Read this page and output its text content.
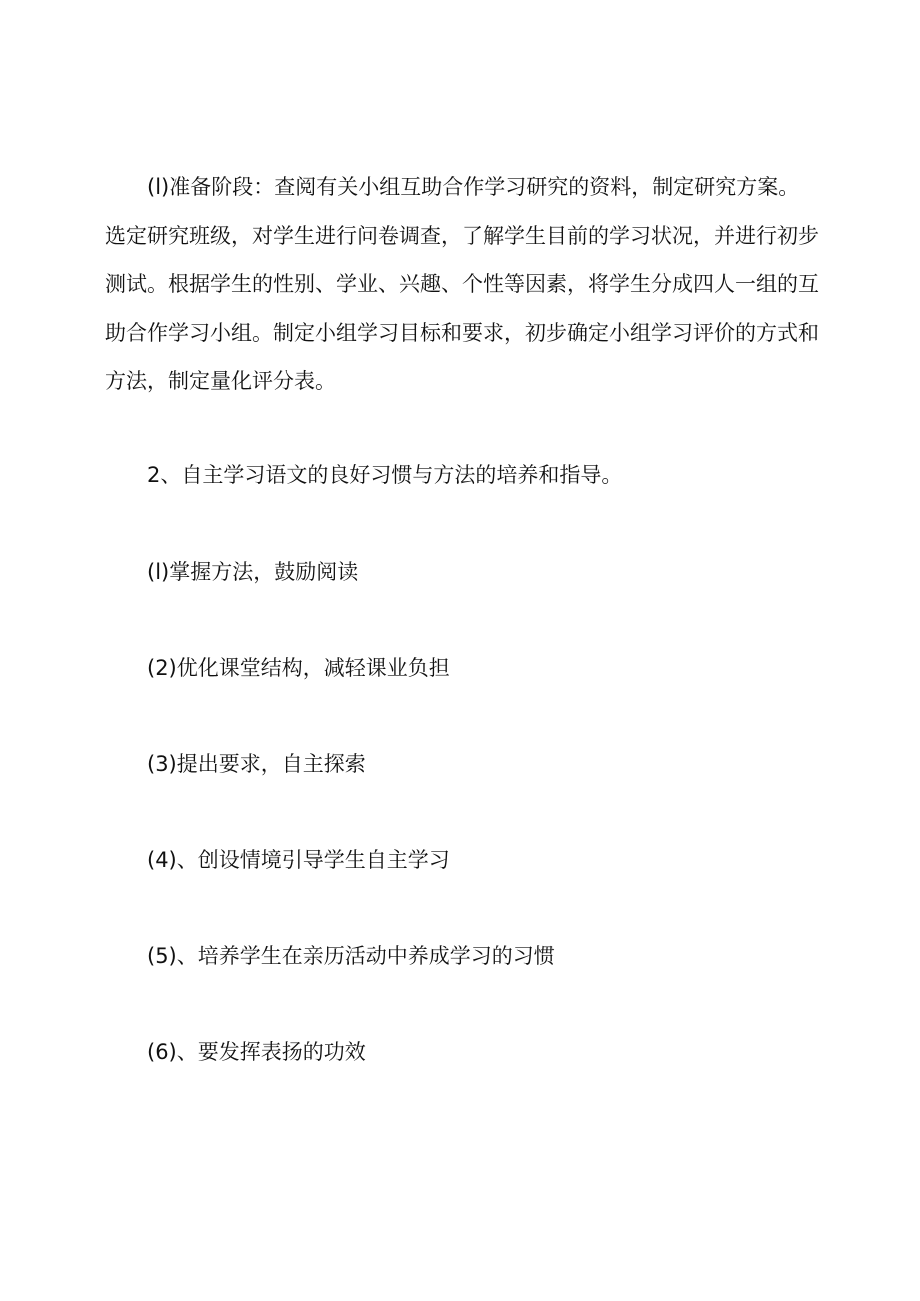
(l)准备阶段：查阅有关小组互助合作学习研究的资料，制定研究方案。选定研究班级，对学生进行问卷调查，了解学生目前的学习状况，并进行初步测试。根据学生的性别、学业、兴趣、个性等因素，将学生分成四人一组的互助合作学习小组。制定小组学习目标和要求，初步确定小组学习评价的方式和方法，制定量化评分表。

2、自主学习语文的良好习惯与方法的培养和指导。

(l)掌握方法，鼓励阅读

(2)优化课堂结构，减轻课业负担

(3)提出要求，自主探索

(4)、创设情境引导学生自主学习

(5)、培养学生在亲历活动中养成学习的习惯

(6)、要发挥表扬的功效
